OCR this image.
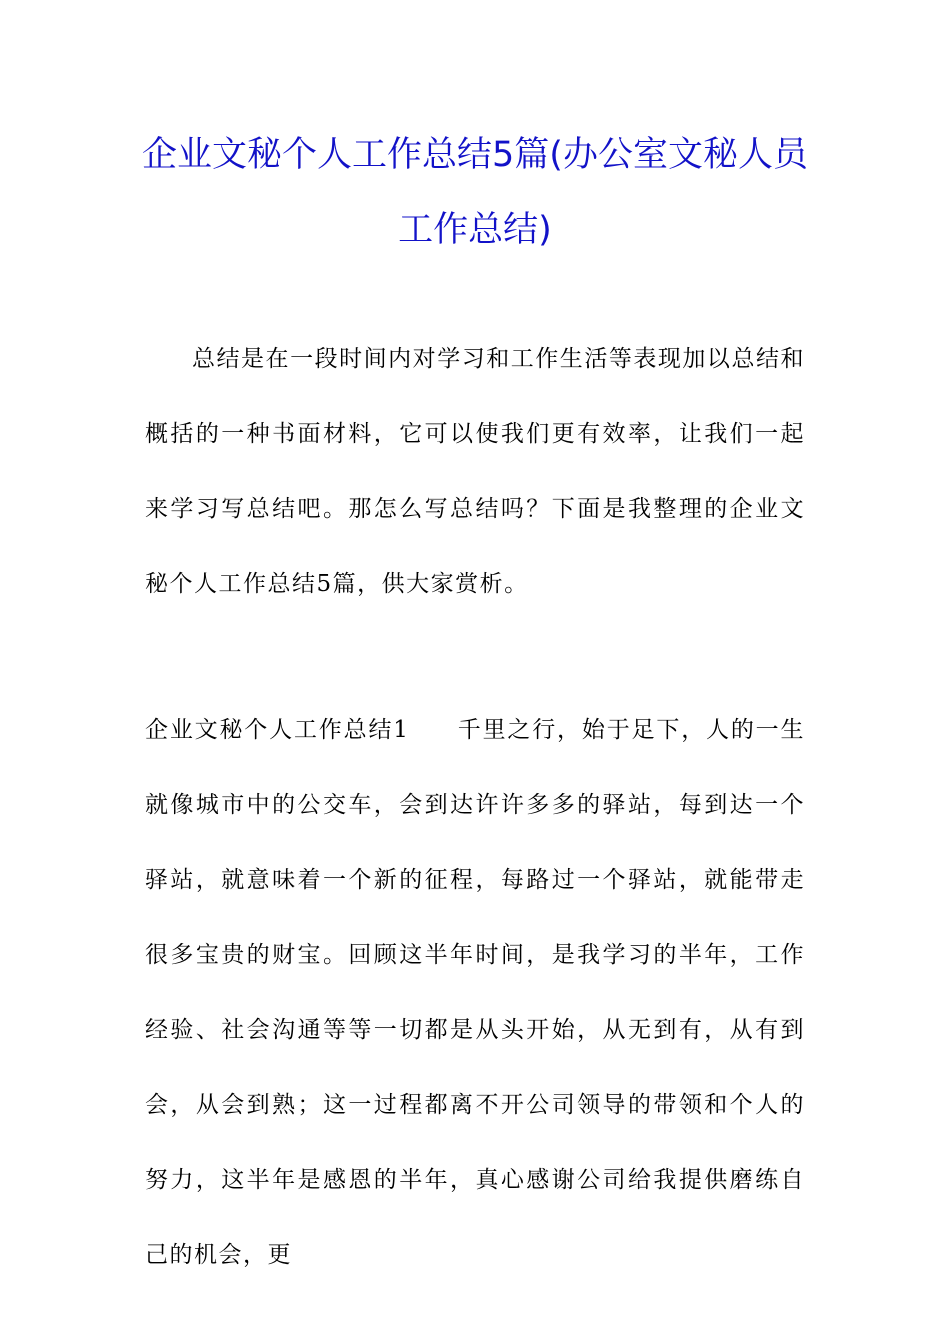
企业文秘个人工作总结5篇(办公室文秘人员工作总结)

总结是在一段时间内对学习和工作生活等表现加以总结和概括的一种书面材料，它可以使我们更有效率，让我们一起来学习写总结吧。那怎么写总结吗？下面是我整理的企业文秘个人工作总结5篇，供大家赏析。

企业文秘个人工作总结1 千里之行，始于足下，人的一生就像城市中的公交车，会到达许许多多的驿站，每到达一个驿站，就意味着一个新的征程，每路过一个驿站，就能带走很多宝贵的财宝。回顾这半年时间，是我学习的半年，工作经验、社会沟通等等一切都是从头开始，从无到有，从有到会，从会到熟；这一过程都离不开公司领导的带领和个人的努力，这半年是感恩的半年，真心感谢公司给我提供磨练自己的机会，更
